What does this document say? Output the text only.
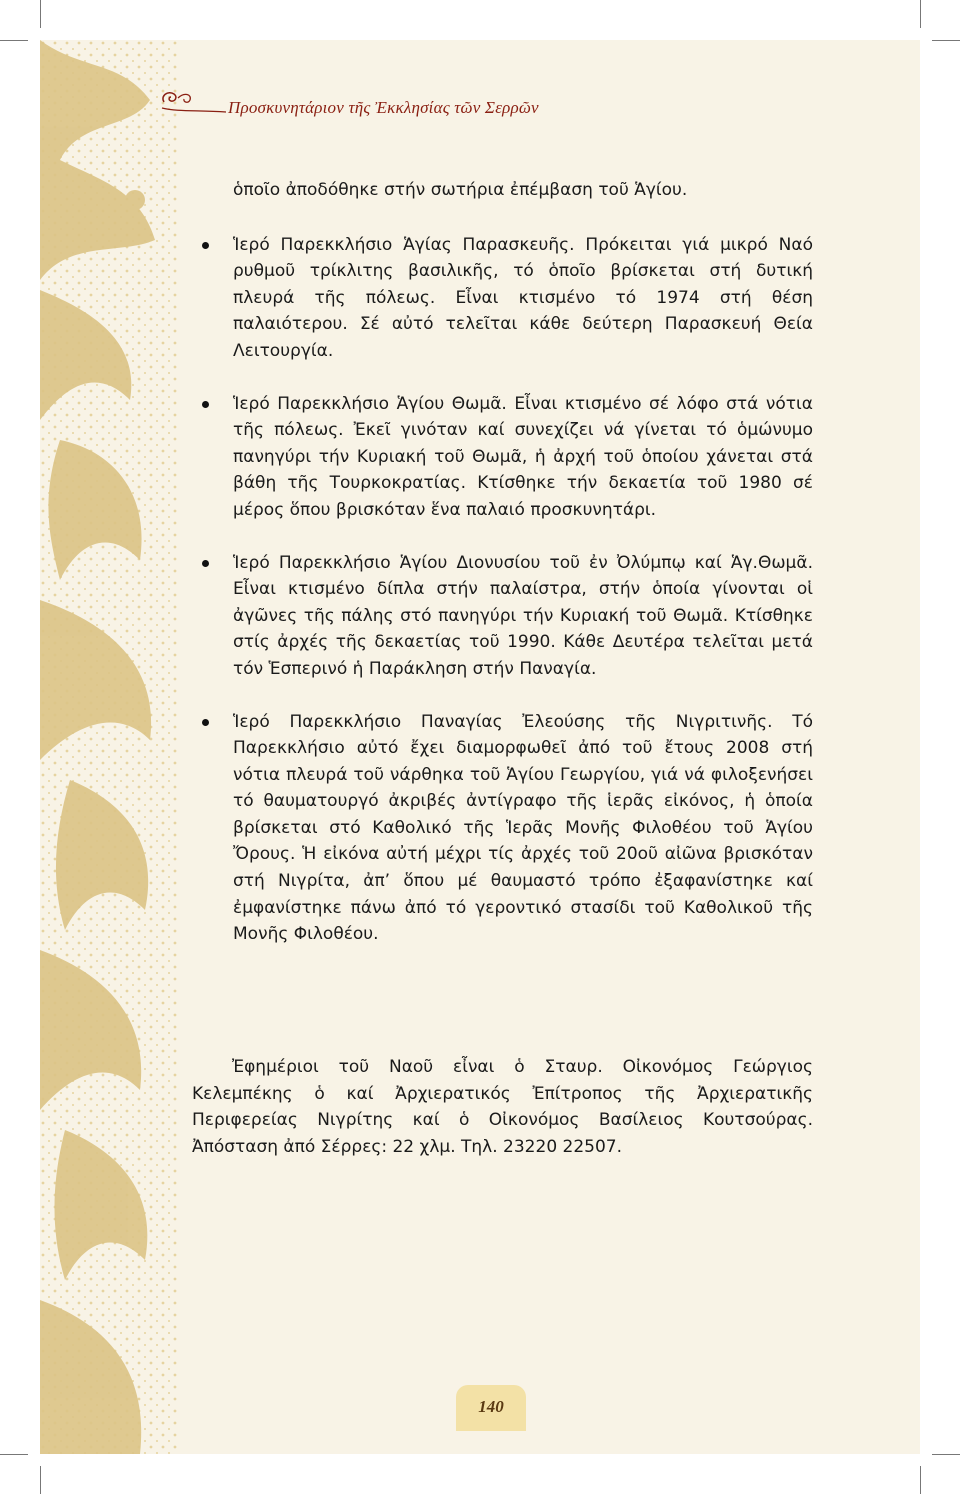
Προσκυνητάριον τῆς Ἐκκλησίας τῶν Σερρῶν

ὁποῖο ἀποδόθηκε στήν σωτήρια ἐπέμβαση τοῦ Ἁγίου.

Ἱερό Παρεκκλήσιο Ἁγίας Παρασκευῆς. Πρόκειται γιά μικρό Ναό ρυθμοῦ τρίκλιτης βασιλικῆς, τό ὁποῖο βρίσκεται στή δυτική πλευρά τῆς πόλεως. Εἶναι κτισμένο τό 1974 στή θέση παλαιότερου. Σέ αὐτό τελεῖται κάθε δεύτερη Παρασκευή Θεία Λειτουργία.

Ἱερό Παρεκκλήσιο Ἁγίου Θωμᾶ. Εἶναι κτισμένο σέ λόφο στά νότια τῆς πόλεως. Ἐκεῖ γινόταν καί συνεχίζει νά γίνεται τό ὁμώνυμο πανηγύρι τήν Κυριακή τοῦ Θωμᾶ, ἡ ἀρχή τοῦ ὁποίου χάνεται στά βάθη τῆς Τουρκοκρατίας. Κτίσθηκε τήν δεκαετία τοῦ 1980 σέ μέρος ὅπου βρισκόταν ἕνα παλαιό προσκυνητάρι.

Ἱερό Παρεκκλήσιο Ἁγίου Διονυσίου τοῦ ἐν Ὀλύμπῳ καί Ἁγ.Θωμᾶ. Εἶναι κτισμένο δίπλα στήν παλαίστρα, στήν ὁποία γίνονται οἱ ἀγῶνες τῆς πάλης στό πανηγύρι τήν Κυριακή τοῦ Θωμᾶ. Κτίσθηκε στίς ἀρχές τῆς δεκαετίας τοῦ 1990. Κάθε Δευτέρα τελεῖται μετά τόν Ἑσπερινό ἡ Παράκληση στήν Παναγία.

Ἱερό Παρεκκλήσιο Παναγίας Ἐλεούσης τῆς Νιγριτινῆς. Τό Παρεκκλήσιο αὐτό ἔχει διαμορφωθεῖ ἀπό τοῦ ἔτους 2008 στή νότια πλευρά τοῦ νάρθηκα τοῦ Ἁγίου Γεωργίου, γιά νά φιλοξενήσει τό θαυματουργό ἀκριβές ἀντίγραφο τῆς ἱερᾶς εἰκόνος, ἡ ὁποία βρίσκεται στό Καθολικό τῆς Ἱερᾶς Μονῆς Φιλοθέου τοῦ Ἁγίου Ὄρους. Ἡ εἰκόνα αὐτή μέχρι τίς ἀρχές τοῦ 20οῦ αἰῶνα βρισκόταν στή Νιγρίτα, ἀπ’ ὅπου μέ θαυμαστό τρόπο ἐξαφανίστηκε καί ἐμφανίστηκε πάνω ἀπό τό γεροντικό στασίδι τοῦ Καθολικοῦ τῆς Μονῆς Φιλοθέου.

Ἐφημέριοι τοῦ Ναοῦ εἶναι ὁ Σταυρ. Οἰκονόμος Γεώργιος Κελεμπέκης ὁ καί Ἀρχιερατικός Ἐπίτροπος τῆς Ἀρχιερατικῆς Περιφερείας Νιγρίτης καί ὁ Οἰκονόμος Βασίλειος Κουτσούρας. Ἀπόσταση ἀπό Σέρρες: 22 χλμ. Τηλ. 23220 22507.

140
